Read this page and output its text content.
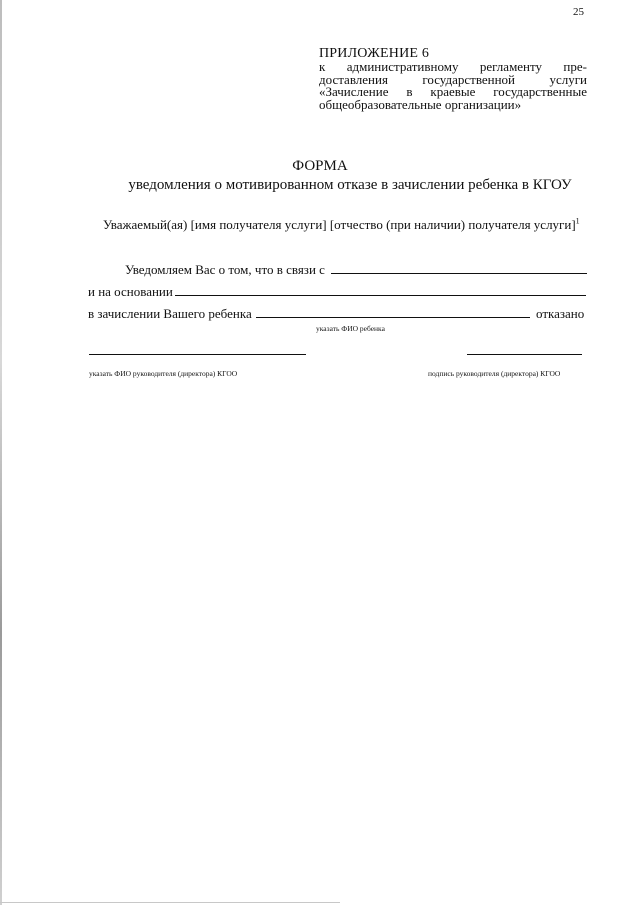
25
ПРИЛОЖЕНИЕ 6
к административному регламенту пре-
доставления государственной услуги
«Зачисление в краевые государственные
общеобразовательные организации»
ФОРМА
уведомления о мотивированном отказе в зачислении ребенка в КГОУ
Уважаемый(ая) [имя получателя услуги] [отчество (при наличии) получателя услуги]$^1$
Уведомляем Вас о том, что в связи с
и на основании
в зачислении Вашего ребенка	отказано
указать ФИО ребенка
указать ФИО руководителя (директора) КГОО	подпись руководителя (директора) КГОО
